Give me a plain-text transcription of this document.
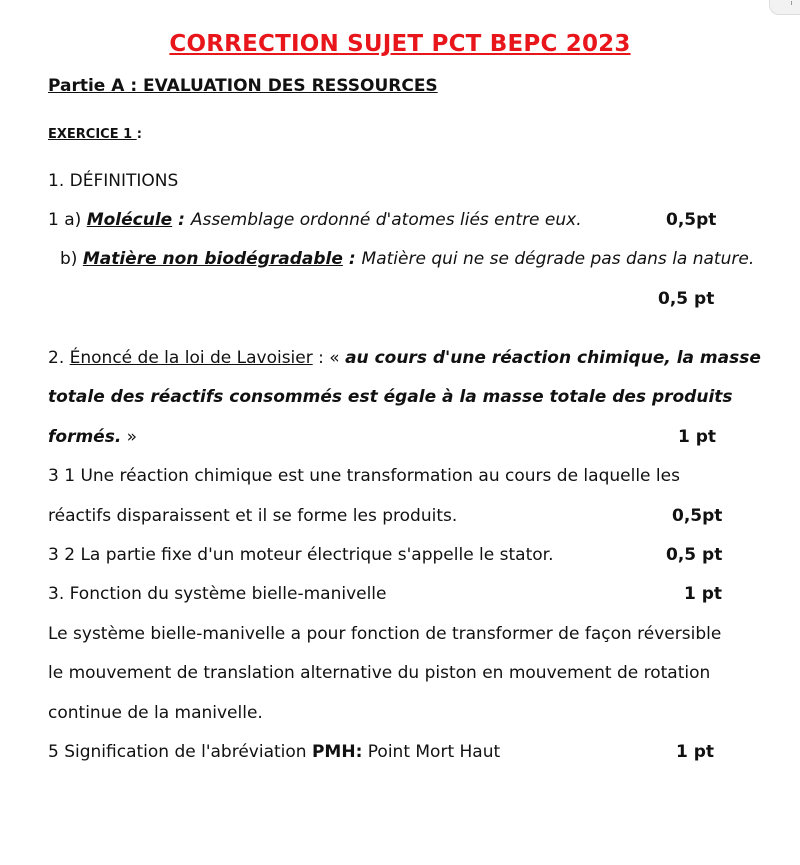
CORRECTION SUJET PCT BEPC 2023
Partie A : EVALUATION DES RESSOURCES
EXERCICE 1 :
1. DÉFINITIONS
1 a) Molécule : Assemblage ordonné d'atomes liés entre eux.	0,5pt
b) Matière non biodégradable : Matière qui ne se dégrade pas dans la nature.
0,5 pt
2. Énoncé de la loi de Lavoisier : « au cours d'une réaction chimique, la masse
totale des réactifs consommés est égale à la masse totale des produits
formés. »	1 pt
3 1 Une réaction chimique est une transformation au cours de laquelle les
réactifs disparaissent et il se forme les produits.	0,5pt
3 2 La partie fixe d'un moteur électrique s'appelle le stator.	0,5 pt
3. Fonction du système bielle-manivelle	1 pt
Le système bielle-manivelle a pour fonction de transformer de façon réversible
le mouvement de translation alternative du piston en mouvement de rotation
continue de la manivelle.
5 Signification de l'abréviation PMH: Point Mort Haut	1 pt
